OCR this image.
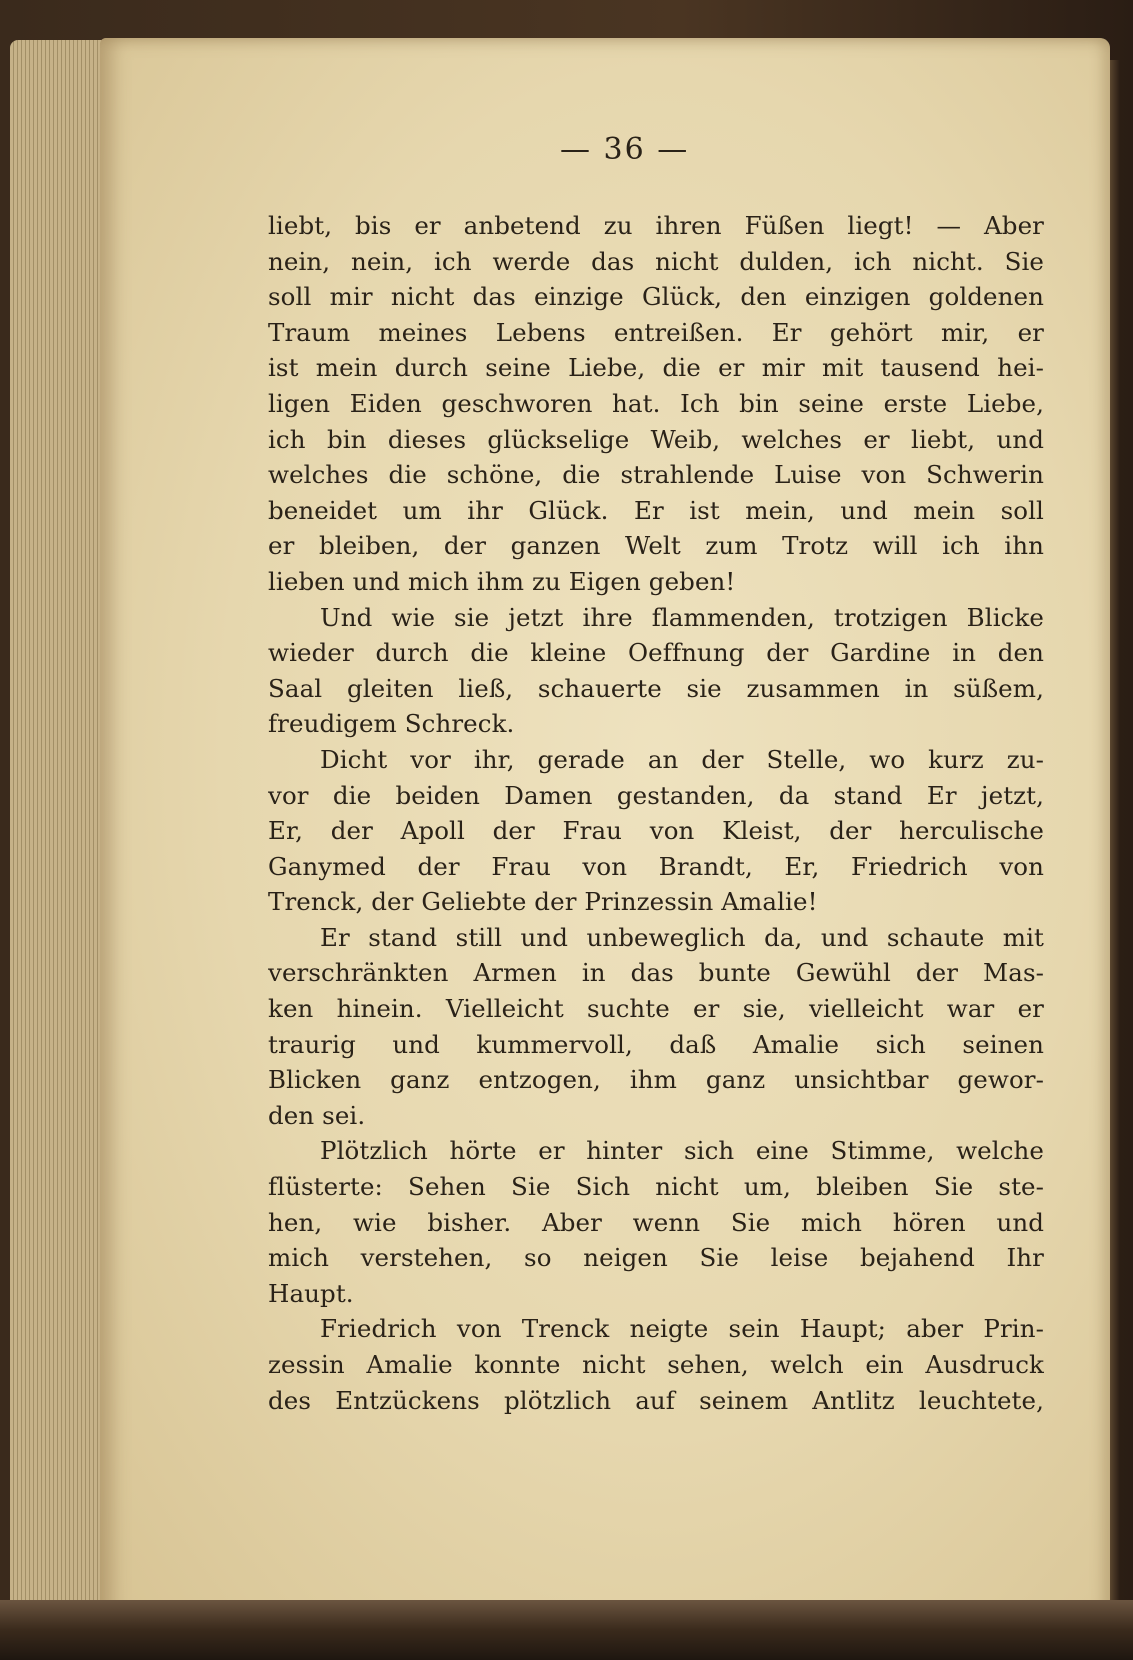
— 36 —
liebt, bis er anbetend zu ihren Füßen liegt! — Aber
nein, nein, ich werde das nicht dulden, ich nicht. Sie
soll mir nicht das einzige Glück, den einzigen goldenen
Traum meines Lebens entreißen. Er gehört mir, er
ist mein durch seine Liebe, die er mir mit tausend hei-
ligen Eiden geschworen hat. Ich bin seine erste Liebe,
ich bin dieses glückselige Weib, welches er liebt, und
welches die schöne, die strahlende Luise von Schwerin
beneidet um ihr Glück. Er ist mein, und mein soll
er bleiben, der ganzen Welt zum Trotz will ich ihn
lieben und mich ihm zu Eigen geben!
Und wie sie jetzt ihre flammenden, trotzigen Blicke
wieder durch die kleine Oeffnung der Gardine in den
Saal gleiten ließ, schauerte sie zusammen in süßem,
freudigem Schreck.
Dicht vor ihr, gerade an der Stelle, wo kurz zu-
vor die beiden Damen gestanden, da stand Er jetzt,
Er, der Apoll der Frau von Kleist, der herculische
Ganymed der Frau von Brandt, Er, Friedrich von
Trenck, der Geliebte der Prinzessin Amalie!
Er stand still und unbeweglich da, und schaute mit
verschränkten Armen in das bunte Gewühl der Mas-
ken hinein. Vielleicht suchte er sie, vielleicht war er
traurig und kummervoll, daß Amalie sich seinen
Blicken ganz entzogen, ihm ganz unsichtbar gewor-
den sei.
Plötzlich hörte er hinter sich eine Stimme, welche
flüsterte: Sehen Sie Sich nicht um, bleiben Sie ste-
hen, wie bisher. Aber wenn Sie mich hören und
mich verstehen, so neigen Sie leise bejahend Ihr
Haupt.
Friedrich von Trenck neigte sein Haupt; aber Prin-
zessin Amalie konnte nicht sehen, welch ein Ausdruck
des Entzückens plötzlich auf seinem Antlitz leuchtete,
